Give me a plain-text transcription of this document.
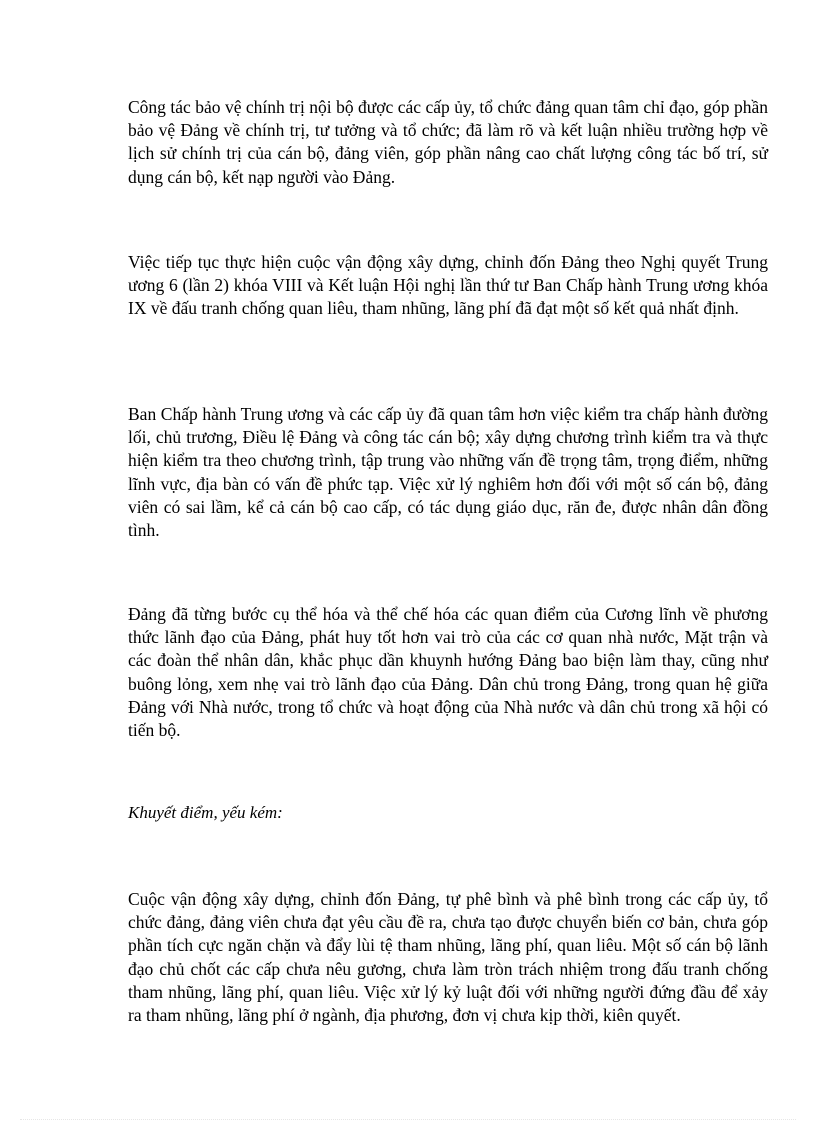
Công tác bảo vệ chính trị nội bộ được các cấp ủy, tổ chức đảng quan tâm chỉ đạo, góp phần bảo vệ Đảng về chính trị, tư tưởng và tổ chức; đã làm rõ và kết luận nhiều trường hợp về lịch sử chính trị của cán bộ, đảng viên, góp phần nâng cao chất lượng công tác bố trí, sử dụng cán bộ, kết nạp người vào Đảng.

Việc tiếp tục thực hiện cuộc vận động xây dựng, chỉnh đốn Đảng theo Nghị quyết Trung ương 6 (lần 2) khóa VIII và Kết luận Hội nghị lần thứ tư Ban Chấp hành Trung ương khóa IX về đấu tranh chống quan liêu, tham nhũng, lãng phí đã đạt một số kết quả nhất định.

Ban Chấp hành Trung ương và các cấp ủy đã quan tâm hơn việc kiểm tra chấp hành đường lối, chủ trương, Điều lệ Đảng và công tác cán bộ; xây dựng chương trình kiểm tra và thực hiện kiểm tra theo chương trình, tập trung vào những vấn đề trọng tâm, trọng điểm, những lĩnh vực, địa bàn có vấn đề phức tạp. Việc xử lý nghiêm hơn đối với một số cán bộ, đảng viên có sai lầm, kể cả cán bộ cao cấp, có tác dụng giáo dục, răn đe, được nhân dân đồng tình.

Đảng đã từng bước cụ thể hóa và thể chế hóa các quan điểm của Cương lĩnh về phương thức lãnh đạo của Đảng, phát huy tốt hơn vai trò của các cơ quan nhà nước, Mặt trận và các đoàn thể nhân dân, khắc phục dần khuynh hướng Đảng bao biện làm thay, cũng như buông lỏng, xem nhẹ vai trò lãnh đạo của Đảng. Dân chủ trong Đảng, trong quan hệ giữa Đảng với Nhà nước, trong tổ chức và hoạt động của Nhà nước và dân chủ trong xã hội có tiến bộ.

Khuyết điểm, yếu kém:

Cuộc vận động xây dựng, chỉnh đốn Đảng, tự phê bình và phê bình trong các cấp ủy, tổ chức đảng, đảng viên chưa đạt yêu cầu đề ra, chưa tạo được chuyển biến cơ bản, chưa góp phần tích cực ngăn chặn và đẩy lùi tệ tham nhũng, lãng phí, quan liêu. Một số cán bộ lãnh đạo chủ chốt các cấp chưa nêu gương, chưa làm tròn trách nhiệm trong đấu tranh chống tham nhũng, lãng phí, quan liêu. Việc xử lý kỷ luật đối với những người đứng đầu để xảy ra tham nhũng, lãng phí ở ngành, địa phương, đơn vị chưa kịp thời, kiên quyết.
